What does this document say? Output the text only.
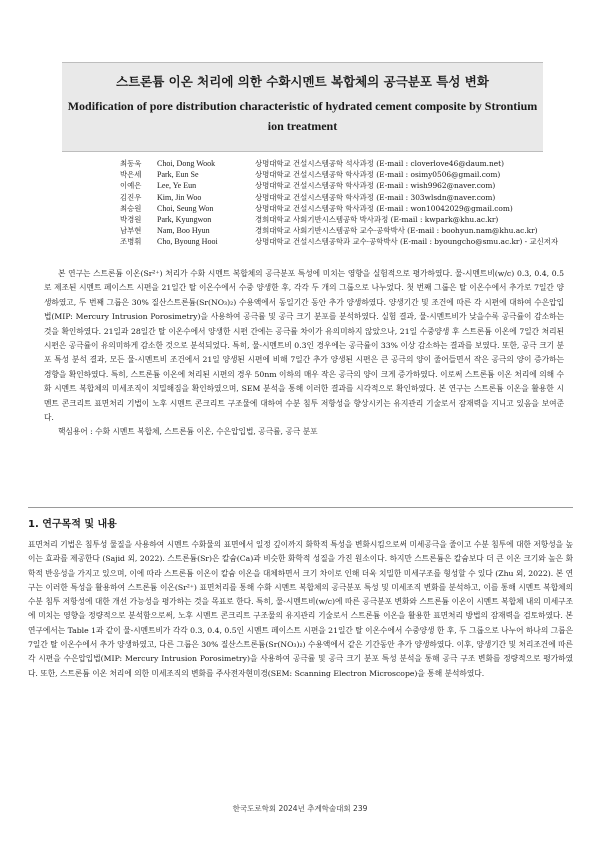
스트론튬 이온 처리에 의한 수화시멘트 복합체의 공극분포 특성 변화
Modification of pore distribution characteristic of hydrated cement composite by Strontium ion treatment
최동욱	Choi, Dong Wook	상명대학교 건설시스템공학 석사과정 (E-mail : cloverlove46@daum.net)
박은세	Park, Eun Se	상명대학교 건설시스템공학 학사과정 (E-mail : osimy0506@gmail.com)
이예은	Lee, Ye Eun	상명대학교 건설시스템공학 학사과정 (E-mail : wish9962@naver.com)
김진우	Kim, Jin Woo	상명대학교 건설시스템공학 학사과정 (E-mail : 303wlsdn@naver.com)
최승원	Choi, Seung Won	상명대학교 건설시스템공학 학사과정 (E-mail : won10042029@gmail.com)
박경원	Park, Kyungwon	경희대학교 사회기반시스템공학 박사과정 (E-mail : kwpark@khu.ac.kr)
남부현	Nam, Boo Hyun	경희대학교 사회기반시스템공학 교수·공학박사 (E-mail : boohyun.nam@khu.ac.kr)
조병휘	Cho, Byoung Hooi	상명대학교 건설시스템공학과 교수·공학박사 (E-mail : byoungcho@smu.ac.kr) - 교신저자

본 연구는 스트론튬 이온(Sr²⁺) 처리가 수화 시멘트 복합체의 공극분포 특성에 미치는 영향을 실험적으로 평가하였다. 물-시멘트비(w/c) 0.3, 0.4, 0.5로 제조된 시멘트 페이스트 시편을 21일간 탈 이온수에서 수중 양생한 후, 각각 두 개의 그룹으로 나누었다. 첫 번째 그룹은 탈 이온수에서 추가로 7일간 양생하였고, 두 번째 그룹은 30% 질산스트론튬(Sr(NO₃)₂) 수용액에서 동일기간 동안 추가 양생하였다. 양생기간 및 조건에 따른 각 시편에 대하여 수은압입법(MIP: Mercury Intrusion Porosimetry)을 사용하여 공극률 및 공극 크기 분포를 분석하였다. 실험 결과, 물-시멘트비가 낮을수록 공극률이 감소하는 것을 확인하였다. 21일과 28일간 탈 이온수에서 양생한 시편 간에는 공극률 차이가 유의미하지 않았으나, 21일 수중양생 후 스트론튬 이온에 7일간 처리된 시편은 공극률이 유의미하게 감소한 것으로 분석되었다. 특히, 물-시멘트비 0.3인 경우에는 공극률이 33% 이상 감소하는 결과를 보였다. 또한, 공극 크기 분포 특성 분석 결과, 모든 물-시멘트비 조건에서 21일 양생된 시편에 비해 7일간 추가 양생된 시편은 큰 공극의 양이 줄어들면서 작은 공극의 양이 증가하는 경향을 확인하였다. 특히, 스트론튬 이온에 처리된 시편의 경우 50nm 이하의 매우 작은 공극의 양이 크게 증가하였다. 이로써 스트론튬 이온 처리에 의해 수화 시멘트 복합체의 미세조직이 치밀해짐을 확인하였으며, SEM 분석을 통해 이러한 결과를 시각적으로 확인하였다. 본 연구는 스트론튬 이온을 활용한 시멘트 콘크리트 표면처리 기법이 노후 시멘트 콘크리트 구조물에 대하여 수분 침투 저항성을 향상시키는 유지관리 기술로서 잠재력을 지니고 있음을 보여준다.

핵심용어 : 수화 시멘트 복합체, 스트론튬 이온, 수은압입법, 공극률, 공극 분포

1. 연구목적 및 내용

표면처리 기법은 침투성 물질을 사용하여 시멘트 수화물의 표면에서 일정 깊이까지 화학적 특성을 변화시킴으로써 미세공극을 줄이고 수분 침투에 대한 저항성을 높이는 효과를 제공한다 (Sajid 외, 2022). 스트론튬(Sr)은 칼슘(Ca)과 비슷한 화학적 성질을 가진 원소이다. 하지만 스트론튬은 칼슘보다 더 큰 이온 크기와 높은 화학적 반응성을 가지고 있으며, 이에 따라 스트론튬 이온이 칼슘 이온을 대체하면서 크기 차이로 인해 더욱 치밀한 미세구조를 형성할 수 있다 (Zhu 외, 2022). 본 연구는 이러한 특성을 활용하여 스트론튬 이온(Sr²⁺) 표면처리를 통해 수화 시멘트 복합체의 공극분포 특성 및 미세조직 변화를 분석하고, 이를 통해 시멘트 복합체의 수분 침투 저항성에 대한 개선 가능성을 평가하는 것을 목표로 한다. 특히, 물-시멘트비(w/c)에 따른 공극분포 변화와 스트론튬 이온이 시멘트 복합체 내의 미세구조에 미치는 영향을 정량적으로 분석함으로써, 노후 시멘트 콘크리트 구조물의 유지관리 기술로서 스트론튬 이온을 활용한 표면처리 방법의 잠재력을 검토하였다. 본 연구에서는 Table 1과 같이 물-시멘트비가 각각 0.3, 0.4, 0.5인 시멘트 페이스트 시편을 21일간 탈 이온수에서 수중양생 한 후, 두 그룹으로 나누어 하나의 그룹은 7일간 탈 이온수에서 추가 양생하였고, 다른 그룹은 30% 질산스트론튬(Sr(NO₃)₂) 수용액에서 같은 기간동안 추가 양생하였다. 이후, 양생기간 및 처리조건에 따른 각 시편을 수은압입법(MIP: Mercury Intrusion Porosimetry)을 사용하여 공극률 및 공극 크기 분포 특성 분석을 통해 공극 구조 변화를 정량적으로 평가하였다. 또한, 스트론튬 이온 처리에 의한 미세조직의 변화를 주사전자현미경(SEM: Scanning Electron Microscope)을 통해 분석하였다.

한국도로학회 2024년 추계학술대회 239
